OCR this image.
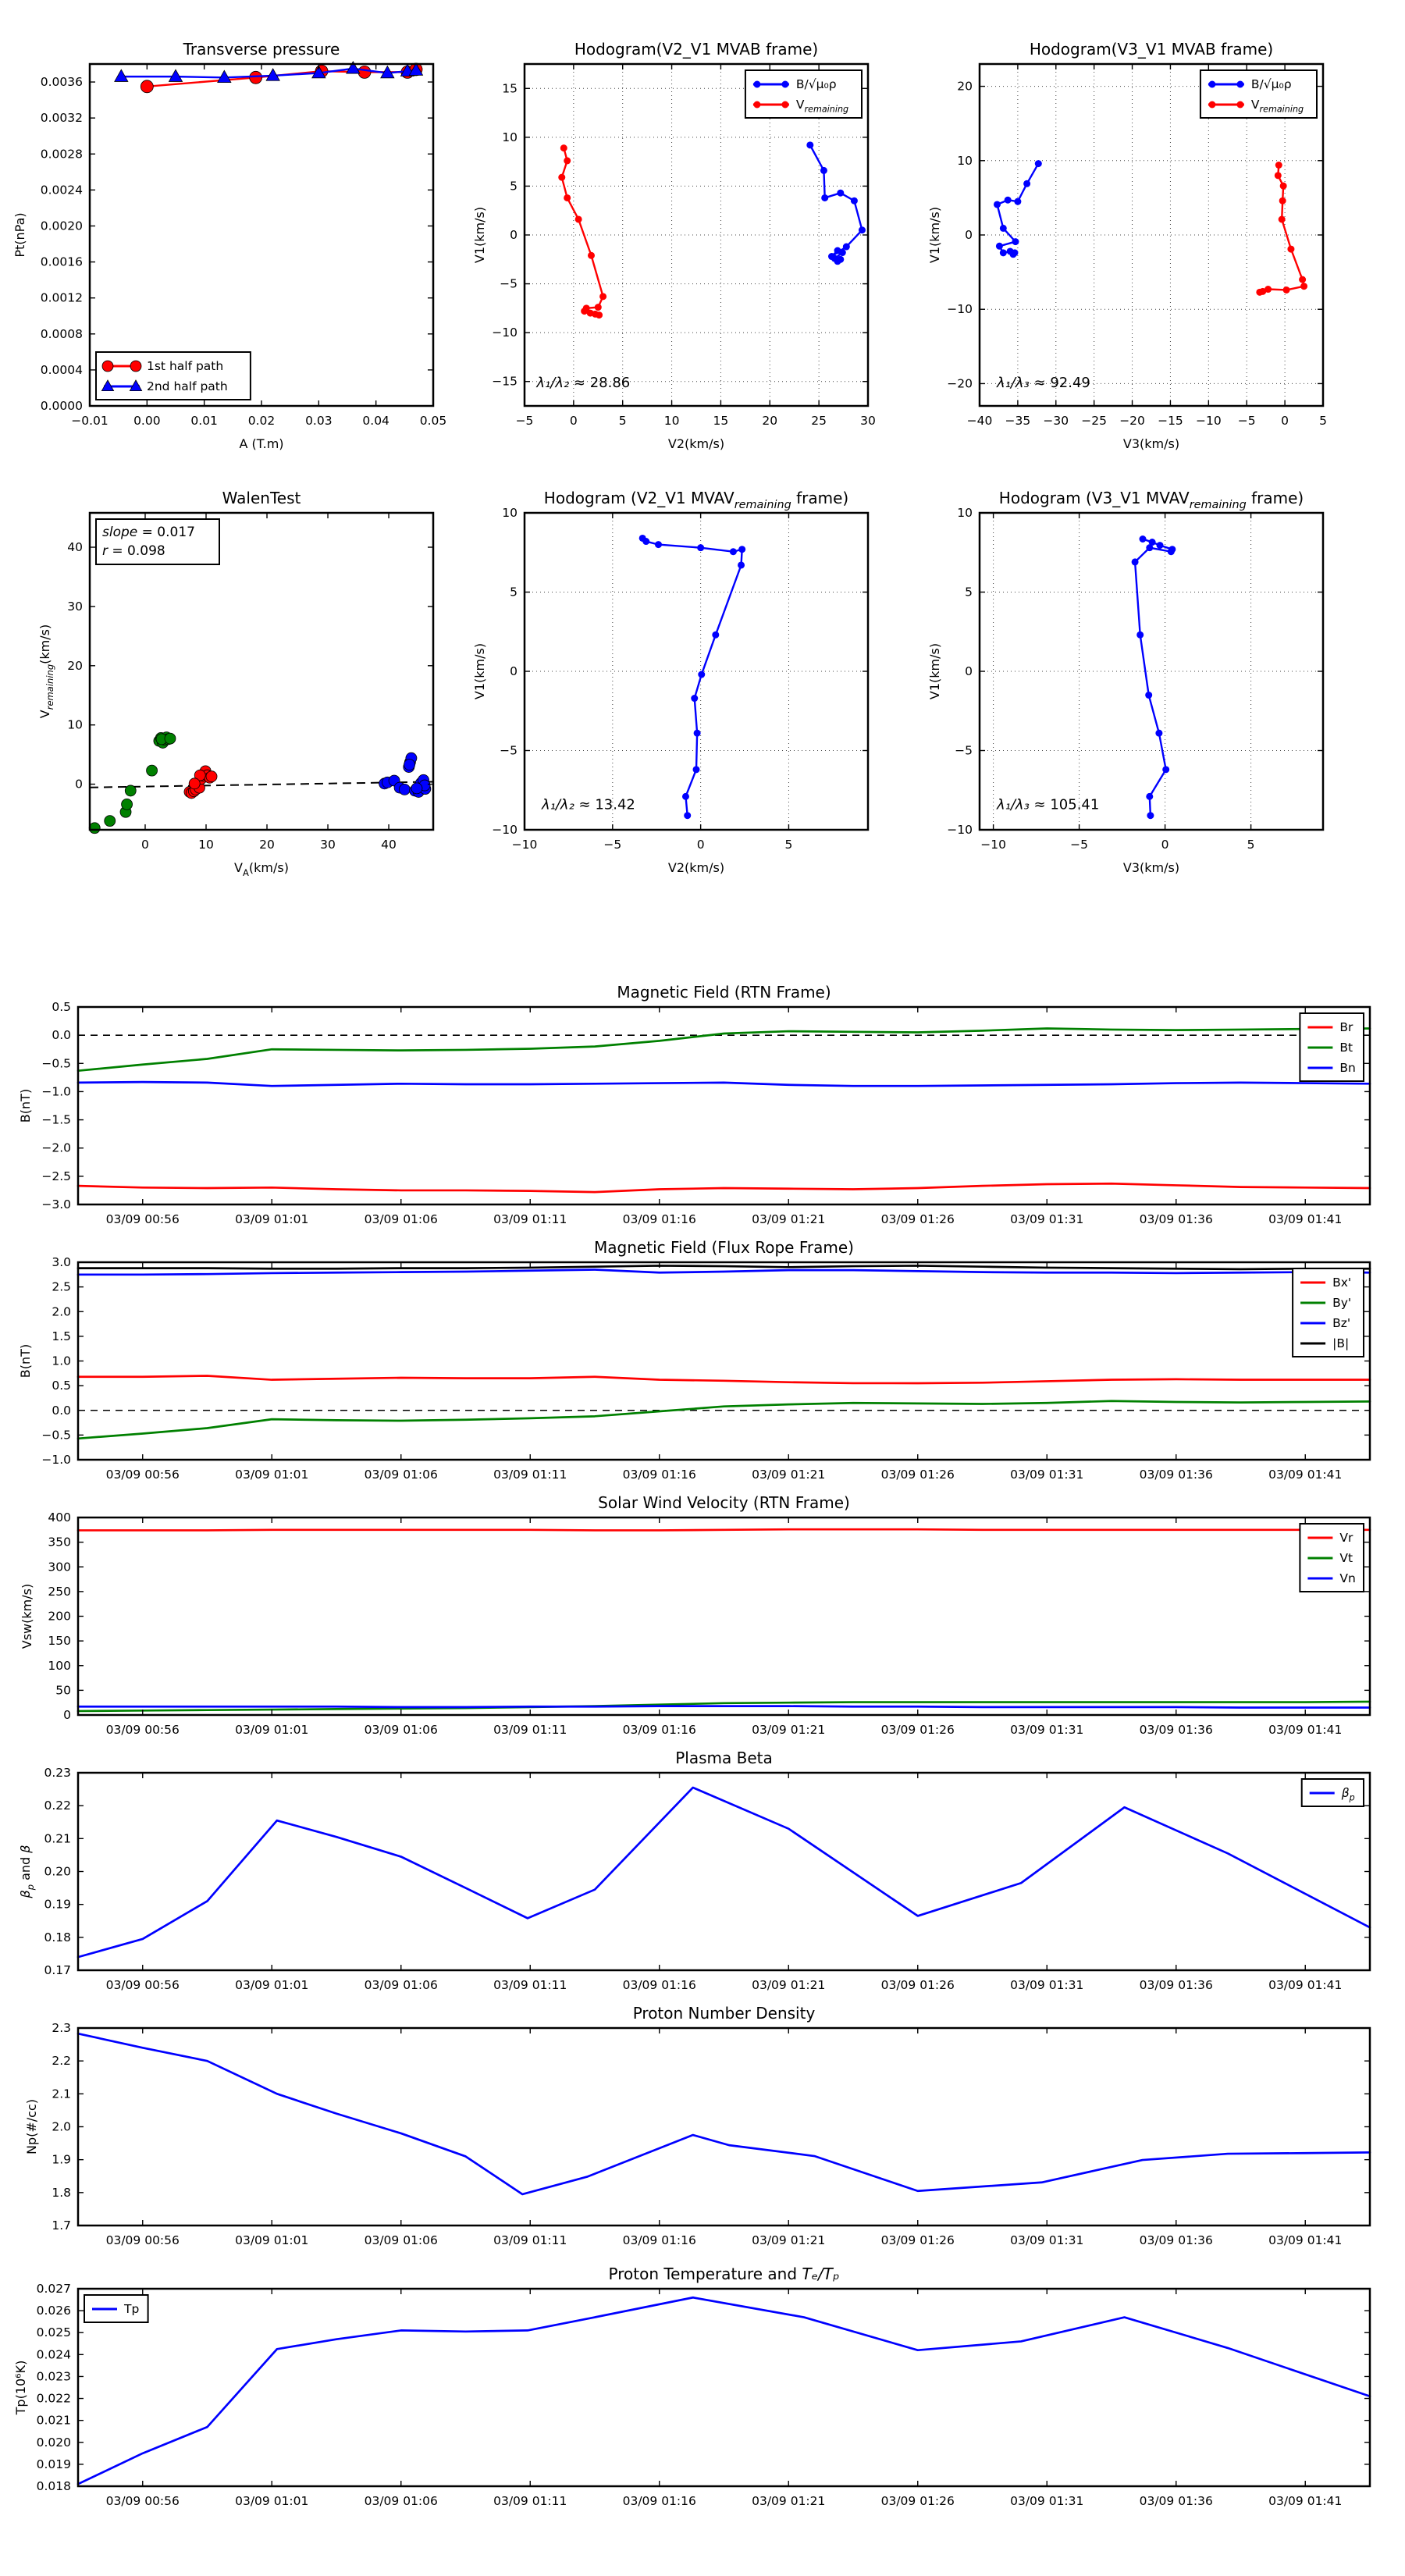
−0.01 0.00	0.01	0.02	0.03	0.04	0.05
0.0000
0.0004
0.0008
0.0012
0.0016
0.0020
0.0024
0.0028
0.0032
0.0036
Transverse pressure
A (T.m)
Pt(nPa)
1st half path
2nd half path
−5	0	5	10	15	20	25	30
−15
−10
−5
0
5
10
15
Hodogram(V2_V1 MVAB frame)
V2(km/s)
V1(km/s)
B/√μ₀ρ
$V_{remaining}$
λ₁/λ₂ ≈ 28.86
−40 −35 −30 −25 −20 −15 −10 −5 0	5
−20
−10
0
10
20
Hodogram(V3_V1 MVAB frame)
V3(km/s)
V1(km/s)
B/√μ₀ρ
$V_{remaining}$
λ₁/λ₃ ≈ 92.49
0	10	20	30	40
0
10
20
30
40
WalenTest
$V_A(km/s)$
$V_{remaining}(km/s)$
slope = 0.017
r = 0.098
−10	−5	0	5
−10
−5
0
5
10
Hodogram (V2_V1 $MVAV_{remaining}$ frame)
V2(km/s)
V1(km/s)
λ₁/λ₂ ≈ 13.42
−10	−5	0	5
−10
−5
0
5
10
Hodogram (V3_V1 $MVAV_{remaining}$ frame)
V3(km/s)
V1(km/s)
λ₁/λ₃ ≈ 105.41
03/09 00:56	03/09 01:01	03/09 01:06	03/09 01:11	03/09 01:16	03/09 01:21	03/09 01:26	03/09 01:31	03/09 01:36	03/09 01:41
−3.0
−2.5
−2.0
−1.5
−1.0
−0.5
0.0
0.5
Magnetic Field (RTN Frame)
B(nT)
Br
Bt
Bn
03/09 00:56	03/09 01:01	03/09 01:06	03/09 01:11	03/09 01:16	03/09 01:21	03/09 01:26	03/09 01:31	03/09 01:36	03/09 01:41
−1.0
−0.5
0.0
0.5
1.0
1.5
2.0
2.5
3.0
Magnetic Field (Flux Rope Frame)
B(nT)
Bx'
By'
Bz'
|B|
03/09 00:56	03/09 01:01	03/09 01:06	03/09 01:11	03/09 01:16	03/09 01:21	03/09 01:26	03/09 01:31	03/09 01:36	03/09 01:41
0
50
100
150
200
250
300
350
400
Solar Wind Velocity (RTN Frame)
Vsw(km/s)
Vr
Vt
Vn
03/09 00:56	03/09 01:01	03/09 01:06	03/09 01:11	03/09 01:16	03/09 01:21	03/09 01:26	03/09 01:31	03/09 01:36	03/09 01:41
0.17
0.18
0.19
0.20
0.21
0.22
0.23
Plasma Beta
$\beta_p$ and β
$\beta_p$
03/09 00:56	03/09 01:01	03/09 01:06	03/09 01:11	03/09 01:16	03/09 01:21	03/09 01:26	03/09 01:31	03/09 01:36	03/09 01:41
1.7
1.8
1.9
2.0
2.1
2.2
2.3
Proton Number Density
Np(#/cc)
03/09 00:56	03/09 01:01	03/09 01:06	03/09 01:11	03/09 01:16	03/09 01:21	03/09 01:26	03/09 01:31	03/09 01:36	03/09 01:41
0.018
0.019
0.020
0.021
0.022
0.023
0.024
0.025
0.026
0.027
Proton Temperature and Tₑ/Tₚ
Tp(10⁶K)
Tp
